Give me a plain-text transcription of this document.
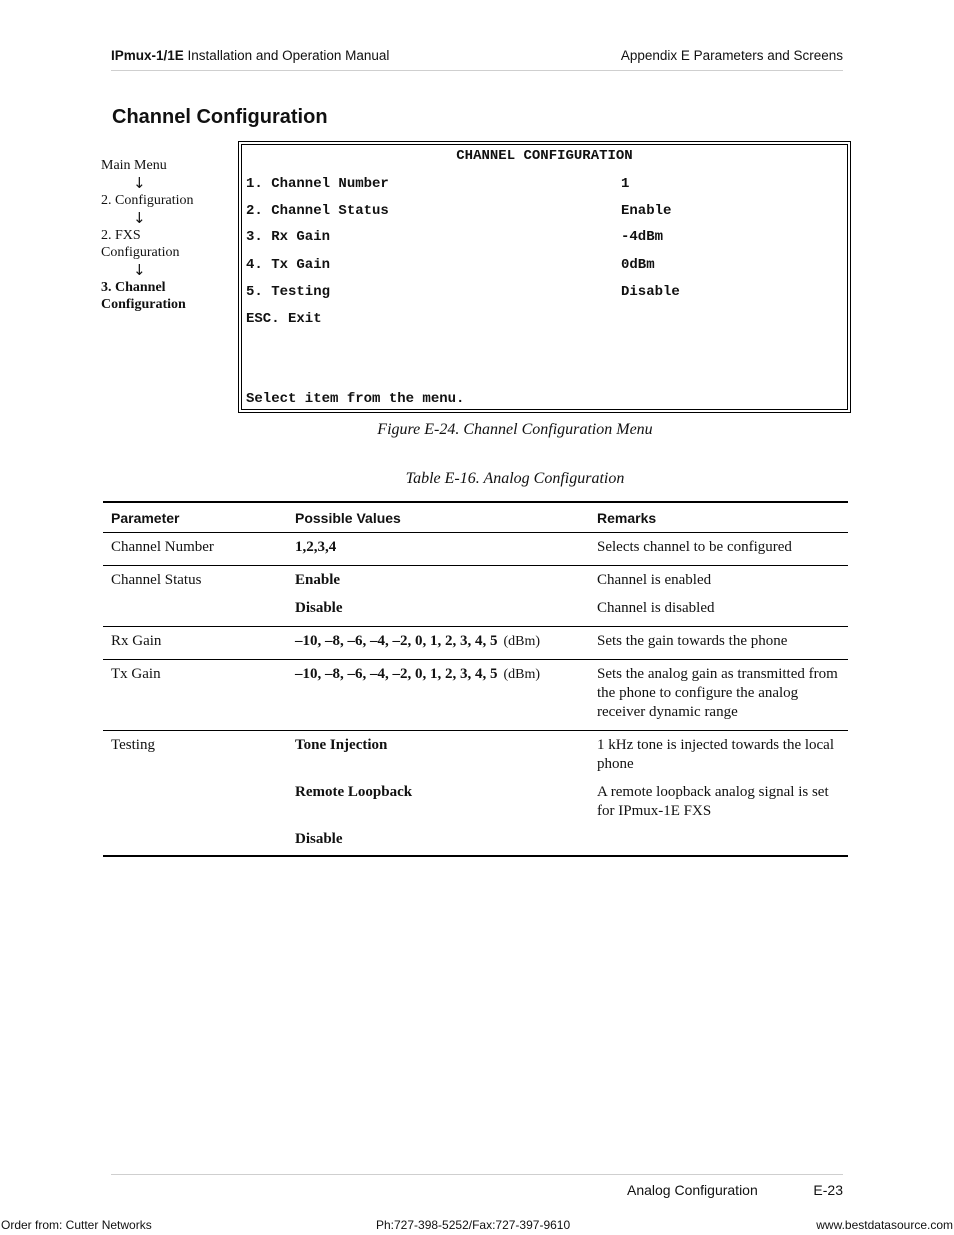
IPmux-1/1E Installation and Operation Manual	Appendix E Parameters and Screens
Channel Configuration
Main Menu
↓
2. Configuration
↓
2. FXS Configuration
↓
3. Channel Configuration
CHANNEL CONFIGURATION
1. Channel Number	1
2. Channel Status	Enable
3. Rx Gain	-4dBm
4. Tx Gain	0dBm
5. Testing	Disable
ESC. Exit
Select item from the menu.
Figure E-24. Channel Configuration Menu
Table E-16. Analog Configuration
Parameter	Possible Values	Remarks
Channel Number	1,2,3,4	Selects channel to be configured
Channel Status	Enable	Channel is enabled
	Disable	Channel is disabled
Rx Gain	–10, –8, –6, –4, –2, 0, 1, 2, 3, 4, 5 (dBm)	Sets the gain towards the phone
Tx Gain	–10, –8, –6, –4, –2, 0, 1, 2, 3, 4, 5 (dBm)	Sets the analog gain as transmitted from the phone to configure the analog receiver dynamic range
Testing	Tone Injection	1 kHz tone is injected towards the local phone
	Remote Loopback	A remote loopback analog signal is set for IPmux-1E FXS
	Disable	
Analog Configuration	E-23
Order from: Cutter Networks	Ph:727-398-5252/Fax:727-397-9610	www.bestdatasource.com
